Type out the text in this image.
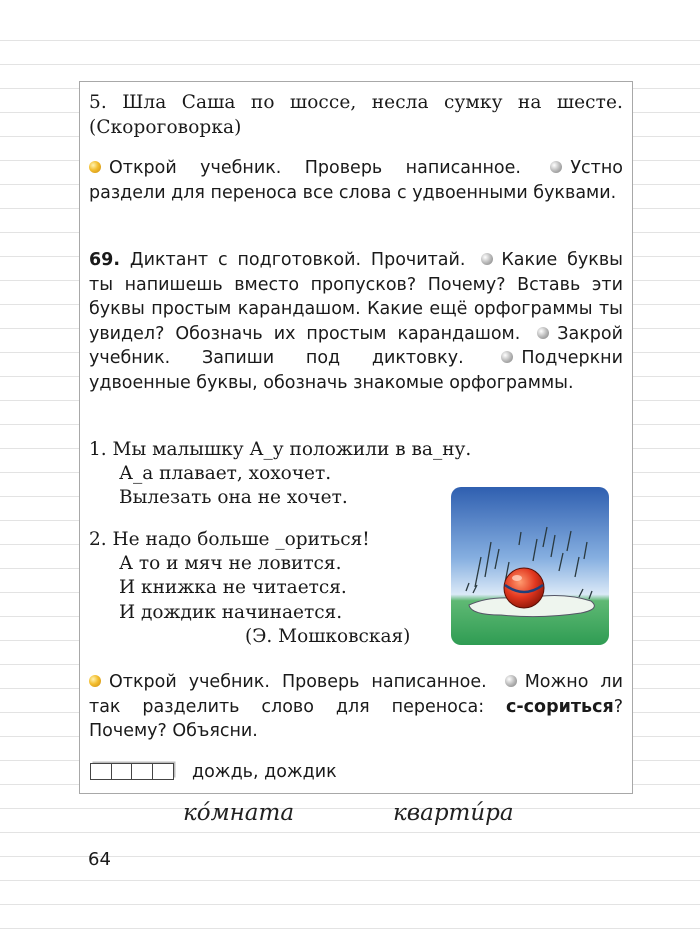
5. Шла Саша по шоссе, несла сумку на шесте.
(Скороговорка)
Открой учебник. Проверь написанное.	Устно раздели для переноса все слова с удвоенными буквами.
69. Диктант с подготовкой. Прочитай. Какие буквы ты напишешь вместо пропусков? Почему? Вставь эти буквы простым карандашом. Какие ещё орфограммы ты увидел? Обозначь их простым карандашом. Закрой учебник. Запиши под диктовку.	Подчеркни удвоенные буквы, обозначь знакомые орфограммы.
1. Мы малышку А_у положили в ва_ну.
А_а плавает, хохочет.
Вылезать она не хочет.
2. Не надо больше _ориться!
А то и мяч не ловится.
И книжка не читается.
И дождик начинается.
(Э. Мошковская)
Открой учебник. Проверь написанное. Можно ли так разделить слово для переноса: с-сориться? Почему? Объясни.
дождь, дождик
ко́мната	кварти́ра
64
